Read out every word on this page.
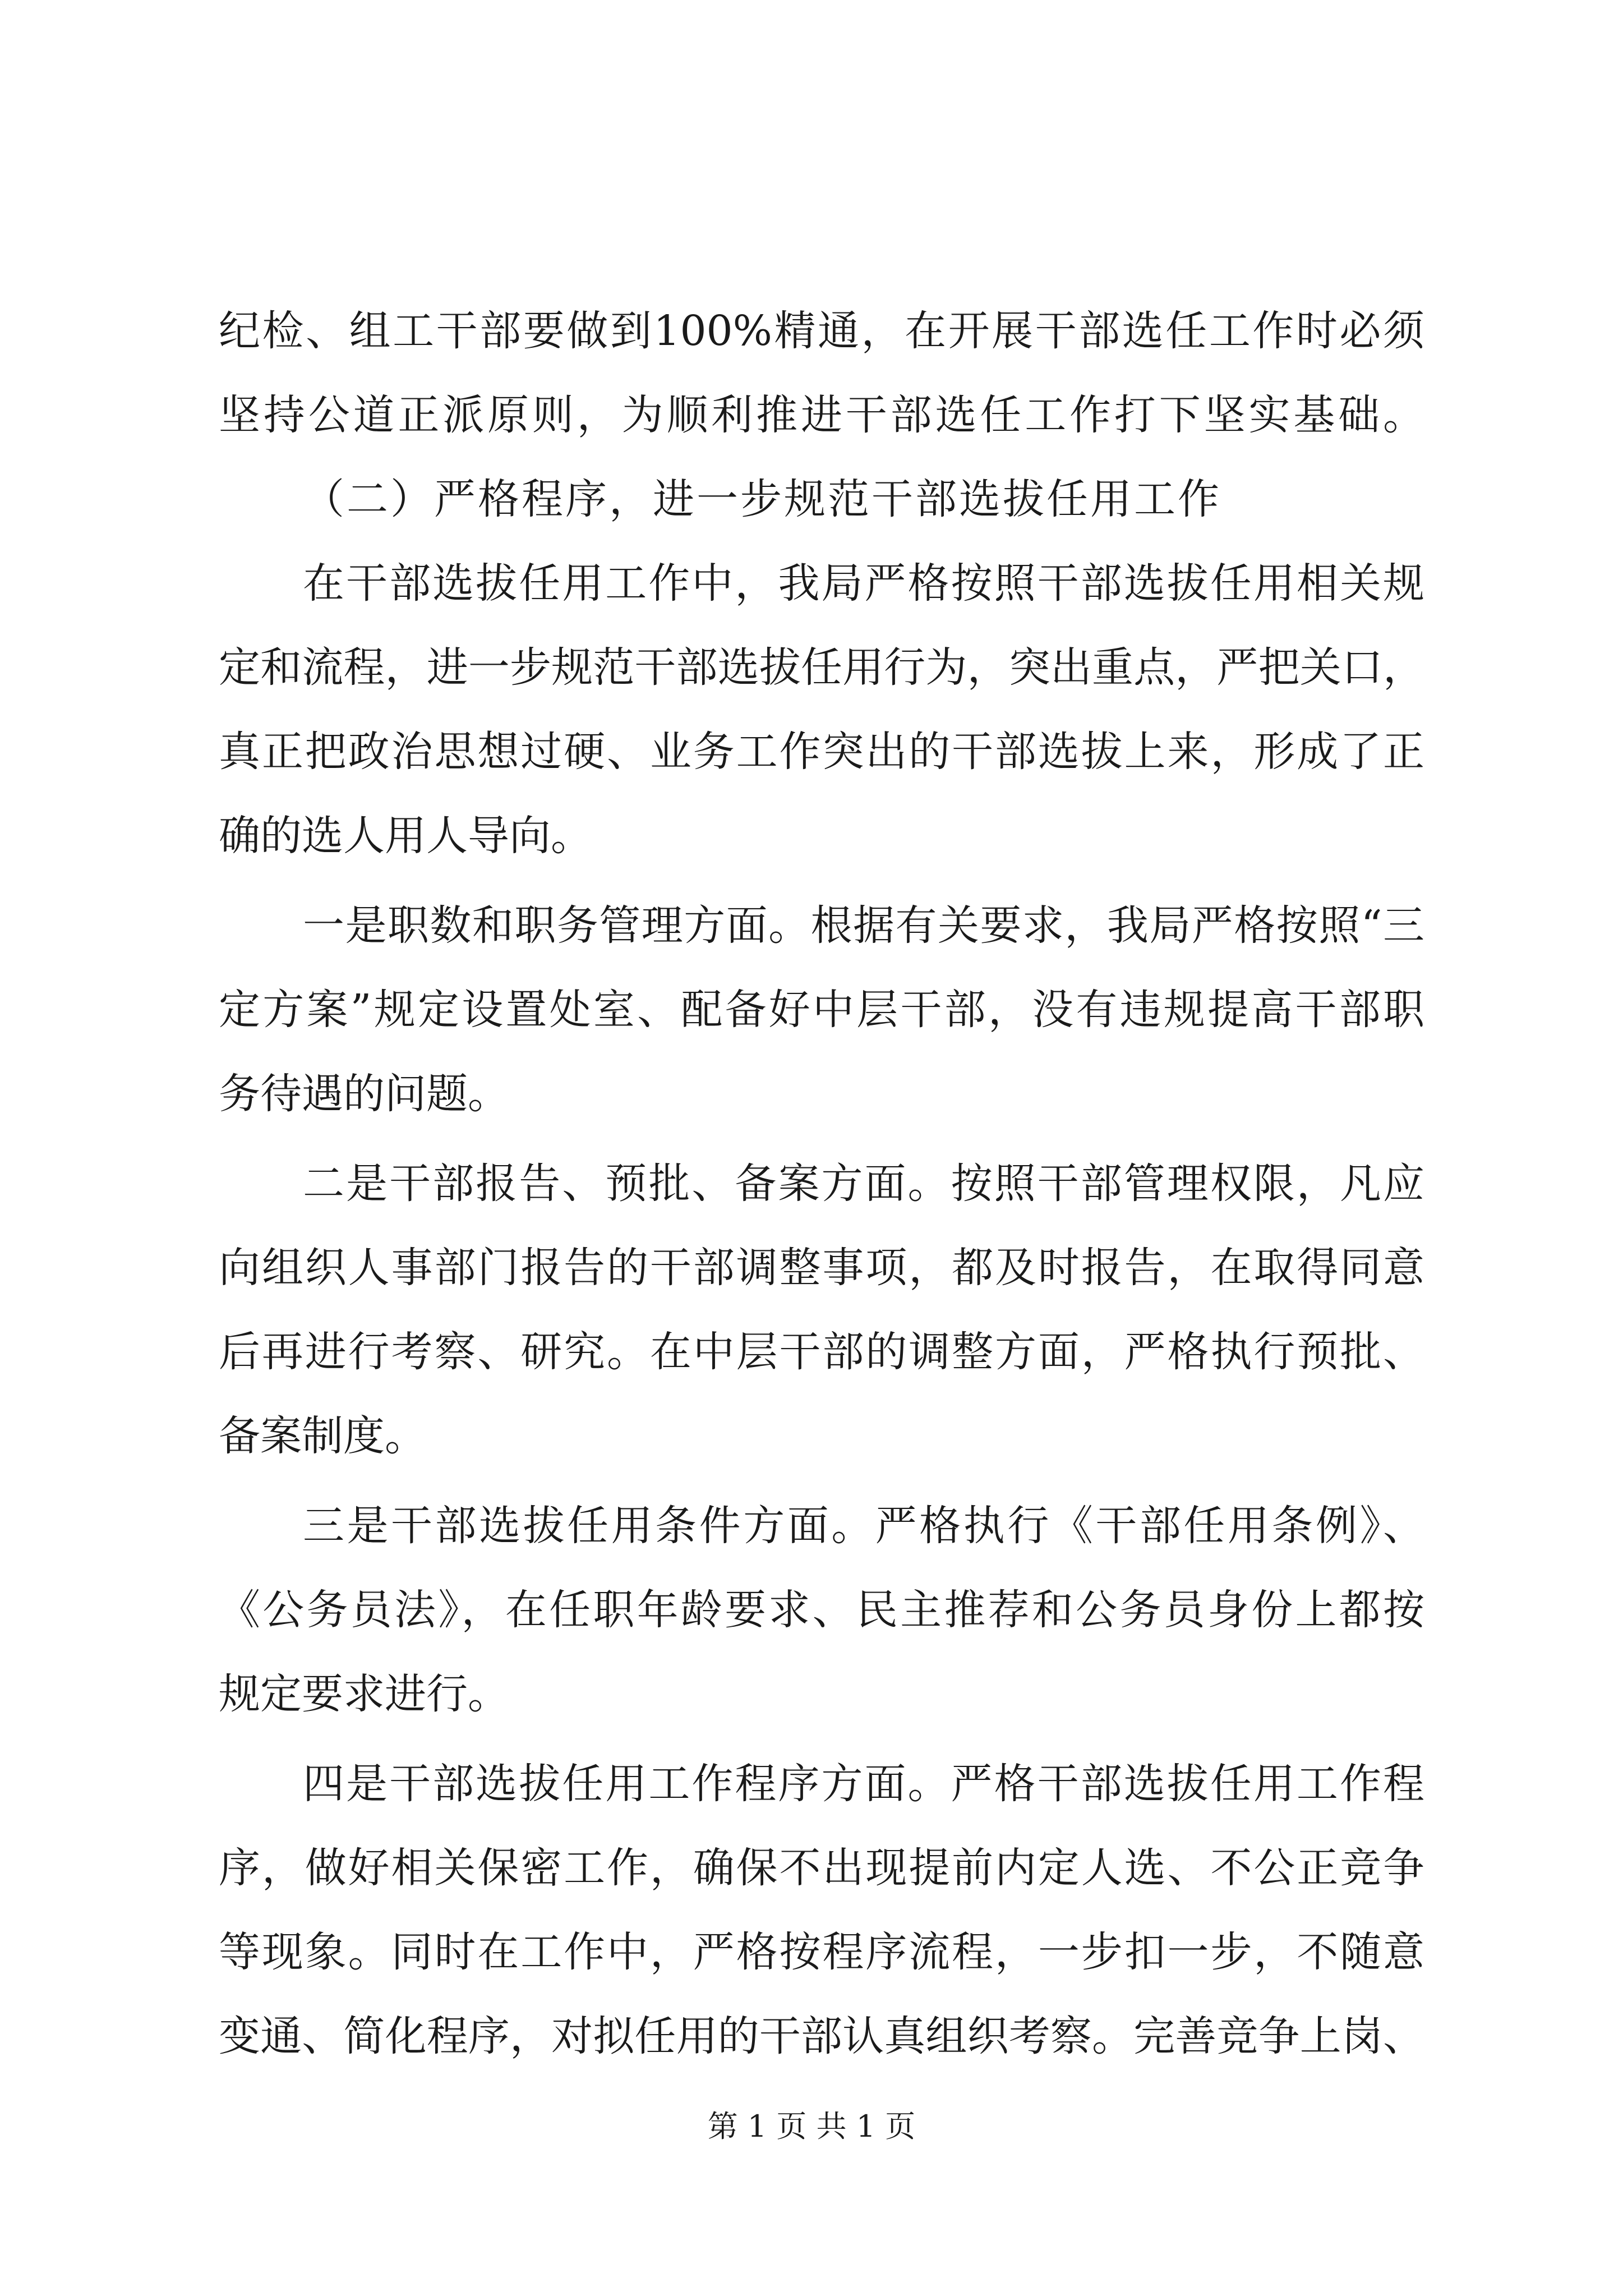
纪检、组工干部要做到100%精通，在开展干部选任工作时必须
坚持公道正派原则，为顺利推进干部选任工作打下坚实基础。
（二）严格程序，进一步规范干部选拔任用工作
在干部选拔任用工作中，我局严格按照干部选拔任用相关规
定和流程，进一步规范干部选拔任用行为，突出重点，严把关口，
真正把政治思想过硬、业务工作突出的干部选拔上来，形成了正
确的选人用人导向。
一是职数和职务管理方面。根据有关要求，我局严格按照“三
定方案”规定设置处室、配备好中层干部，没有违规提高干部职
务待遇的问题。
二是干部报告、预批、备案方面。按照干部管理权限，凡应
向组织人事部门报告的干部调整事项，都及时报告，在取得同意
后再进行考察、研究。在中层干部的调整方面，严格执行预批、
备案制度。
三是干部选拔任用条件方面。严格执行《干部任用条例》、
《公务员法》，在任职年龄要求、民主推荐和公务员身份上都按
规定要求进行。
四是干部选拔任用工作程序方面。严格干部选拔任用工作程
序，做好相关保密工作，确保不出现提前内定人选、不公正竞争
等现象。同时在工作中，严格按程序流程，一步扣一步，不随意
变通、简化程序，对拟任用的干部认真组织考察。完善竞争上岗、
第 1 页 共 1 页
